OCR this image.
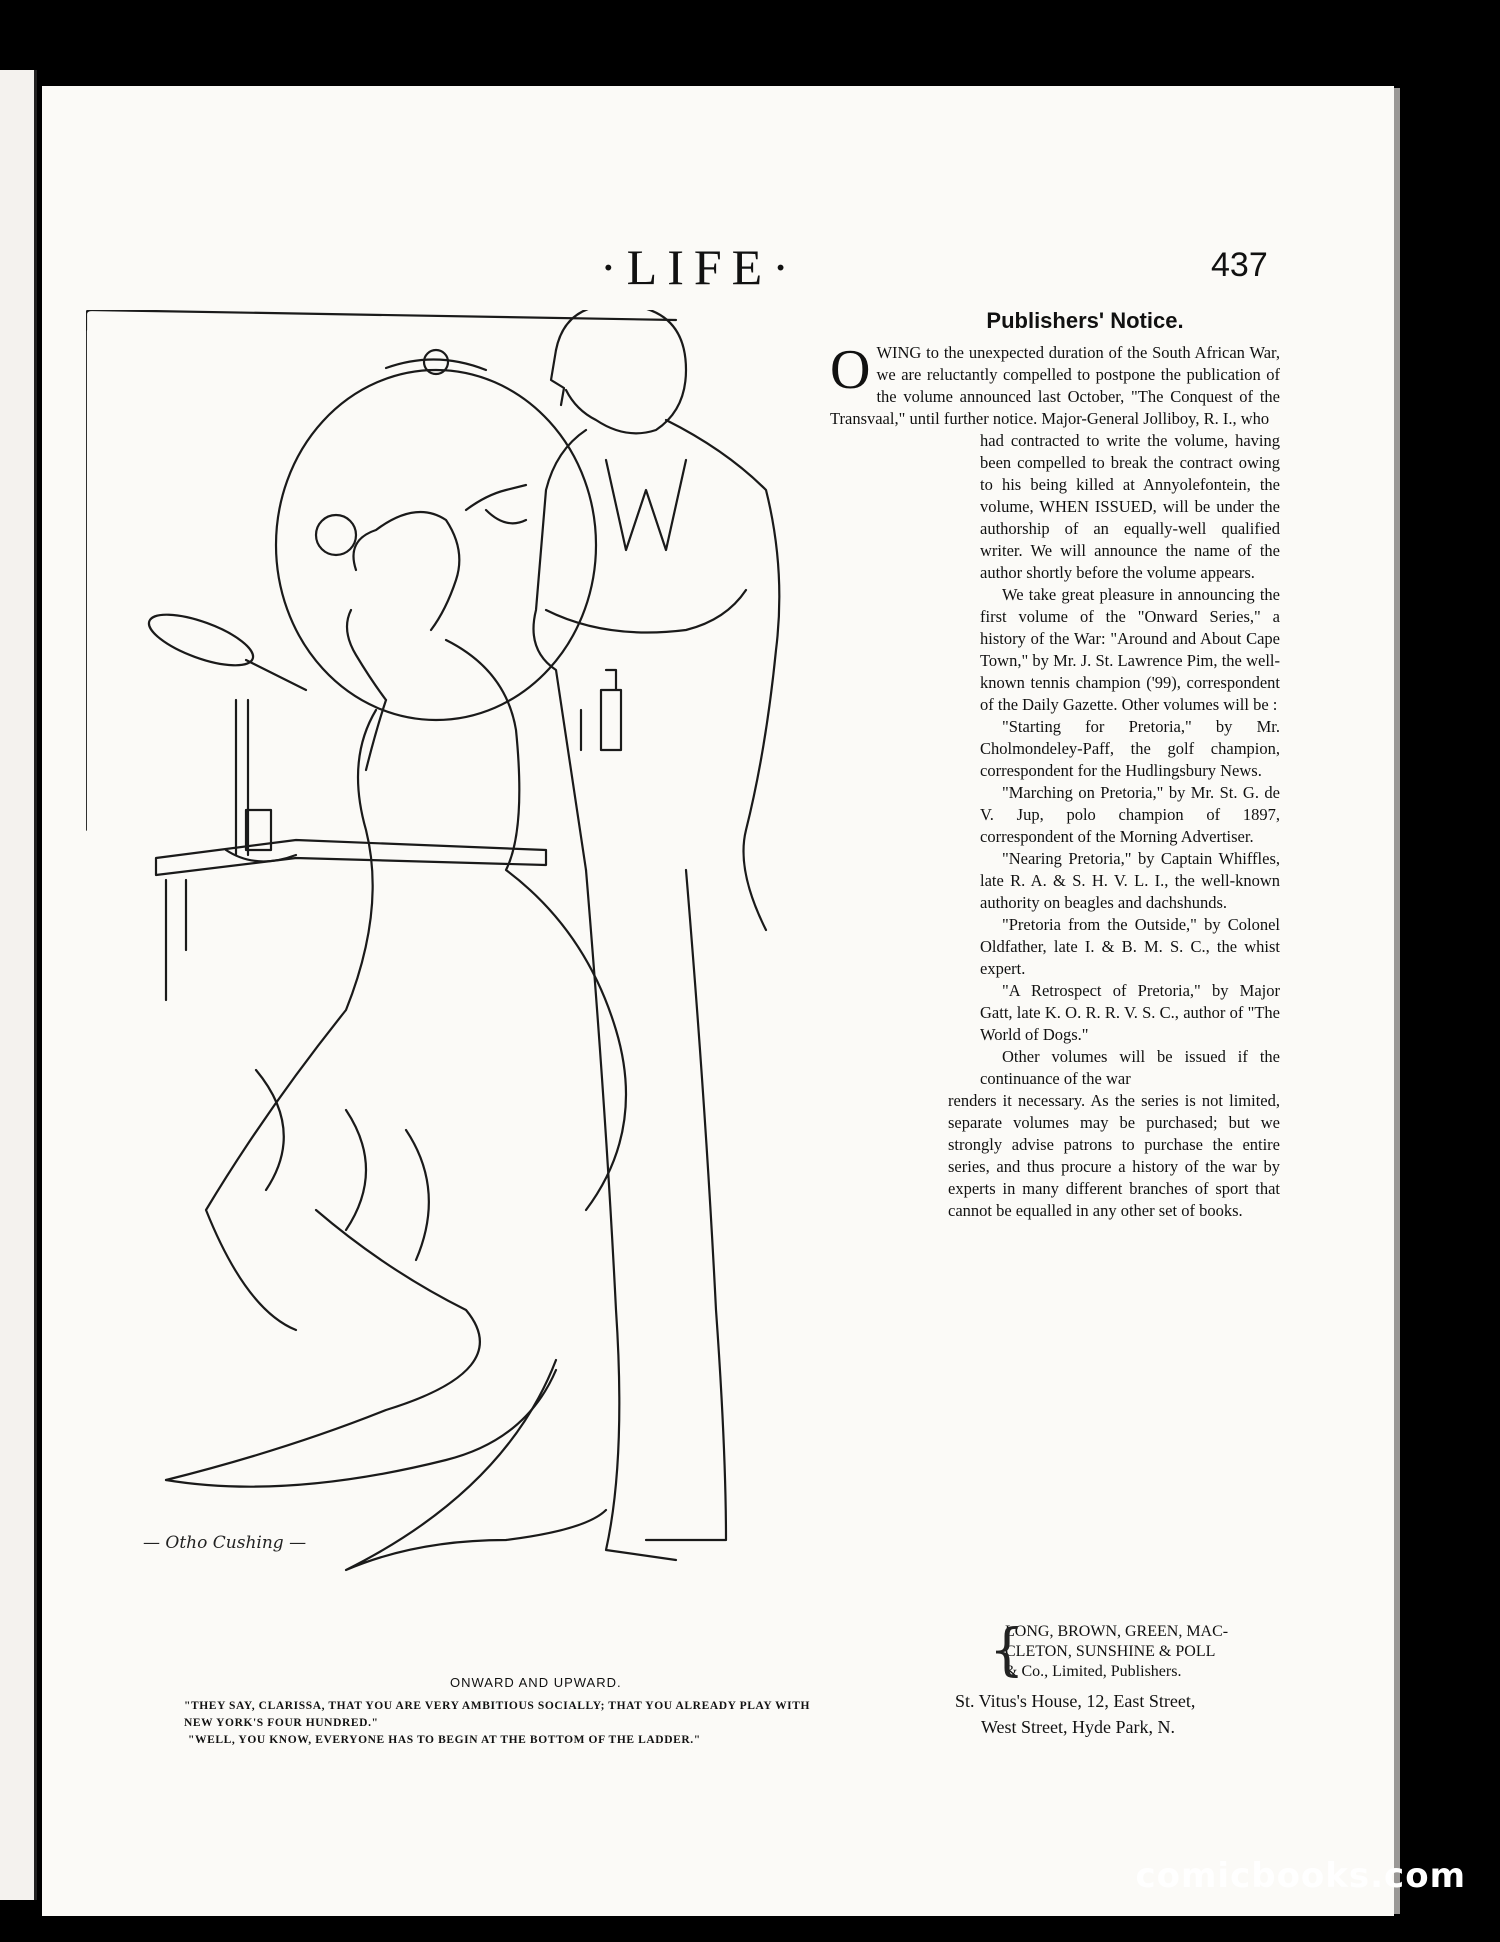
·LIFE·	437
— Otho Cushing —
ONWARD AND UPWARD.
"THEY SAY, CLARISSA, THAT YOU ARE VERY AMBITIOUS SOCIALLY; THAT YOU ALREADY PLAY WITH
NEW YORK'S FOUR HUNDRED."
"WELL, YOU KNOW, EVERYONE HAS TO BEGIN AT THE BOTTOM OF THE LADDER."
Publishers' Notice.

OWING to the unexpected duration of the South African War, we are reluctantly compelled to postpone the publication of the volume announced last October, "The Conquest of the Transvaal," until further notice. Major-General Jolliboy, R. I., who

had contracted to write the volume, having been compelled to break the contract owing to his being killed at Annyolefontein, the volume, WHEN ISSUED, will be under the authorship of an equally-well qualified writer. We will announce the name of the author shortly before the volume appears.

We take great pleasure in announcing the first volume of the "Onward Series," a history of the War: "Around and About Cape Town," by Mr. J. St. Lawrence Pim, the well-known tennis champion ('99), correspondent of the Daily Gazette. Other volumes will be :

"Starting for Pretoria," by Mr. Cholmondeley-Paff, the golf champion, correspondent for the Hudlingsbury News.

"Marching on Pretoria," by Mr. St. G. de V. Jup, polo champion of 1897, correspondent of the Morning Advertiser.

"Nearing Pretoria," by Captain Whiffles, late R. A. & S. H. V. L. I., the well-known authority on beagles and dachshunds.

"Pretoria from the Outside," by Colonel Oldfather, late I. & B. M. S. C., the whist expert.

"A Retrospect of Pretoria," by Major Gatt, late K. O. R. R. V. S. C., author of "The World of Dogs."

Other volumes will be issued if the continuance of the war

renders it necessary. As the series is not limited, separate volumes may be purchased; but we strongly advise patrons to purchase the entire series, and thus procure a history of the war by experts in many different branches of sport that cannot be equalled in any other set of books.

{
LONG, BROWN, GREEN, MAC-
CLETON, SUNSHINE & POLL
& Co., Limited, Publishers.
St. Vitus's House, 12, East Street,
West Street, Hyde Park, N.
comicbooks.com
